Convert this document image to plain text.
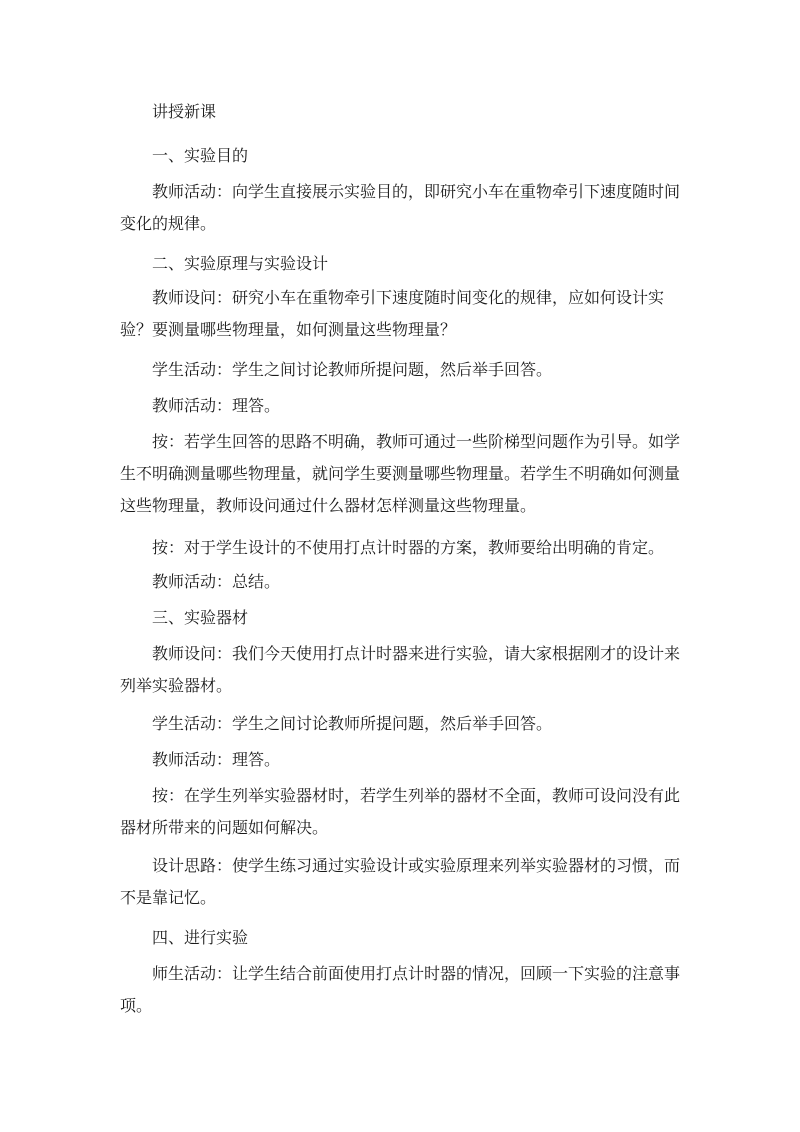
讲授新课

一、实验目的

教师活动：向学生直接展示实验目的，即研究小车在重物牵引下速度随时间变化的规律。

二、实验原理与实验设计

教师设问：研究小车在重物牵引下速度随时间变化的规律，应如何设计实验？要测量哪些物理量，如何测量这些物理量？

学生活动：学生之间讨论教师所提问题，然后举手回答。

教师活动：理答。

按：若学生回答的思路不明确，教师可通过一些阶梯型问题作为引导。如学生不明确测量哪些物理量，就问学生要测量哪些物理量。若学生不明确如何测量这些物理量，教师设问通过什么器材怎样测量这些物理量。

按：对于学生设计的不使用打点计时器的方案，教师要给出明确的肯定。

教师活动：总结。

三、实验器材

教师设问：我们今天使用打点计时器来进行实验，请大家根据刚才的设计来列举实验器材。

学生活动：学生之间讨论教师所提问题，然后举手回答。

教师活动：理答。

按：在学生列举实验器材时，若学生列举的器材不全面，教师可设问没有此器材所带来的问题如何解决。

设计思路：使学生练习通过实验设计或实验原理来列举实验器材的习惯，而不是靠记忆。

四、进行实验

师生活动：让学生结合前面使用打点计时器的情况，回顾一下实验的注意事项。
